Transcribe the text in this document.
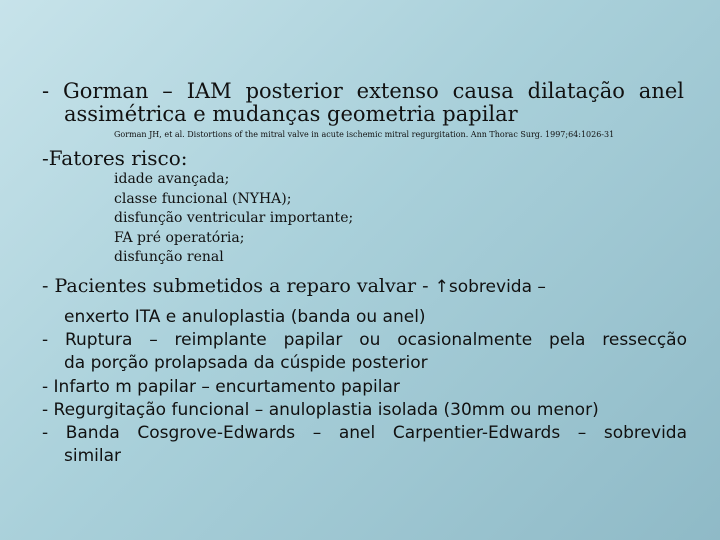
- Gorman – IAM posterior extenso causa dilatação anel
assimétrica e mudanças geometria papilar
Gorman JH, et al. Distortions of the mitral valve in acute ischemic mitral regurgitation. Ann Thorac Surg. 1997;64:1026-31
-Fatores risco:
idade avançada;
classe funcional (NYHA);
disfunção ventricular importante;
FA pré operatória;
disfunção renal
- Pacientes submetidos a reparo valvar - ↑sobrevida –
enxerto ITA e anuloplastia (banda ou anel)
- Ruptura – reimplante papilar ou ocasionalmente pela ressecção
da porção prolapsada da cúspide posterior
- Infarto m papilar – encurtamento papilar
- Regurgitação funcional – anuloplastia isolada (30mm ou menor)
- Banda Cosgrove-Edwards – anel Carpentier-Edwards – sobrevida
similar
